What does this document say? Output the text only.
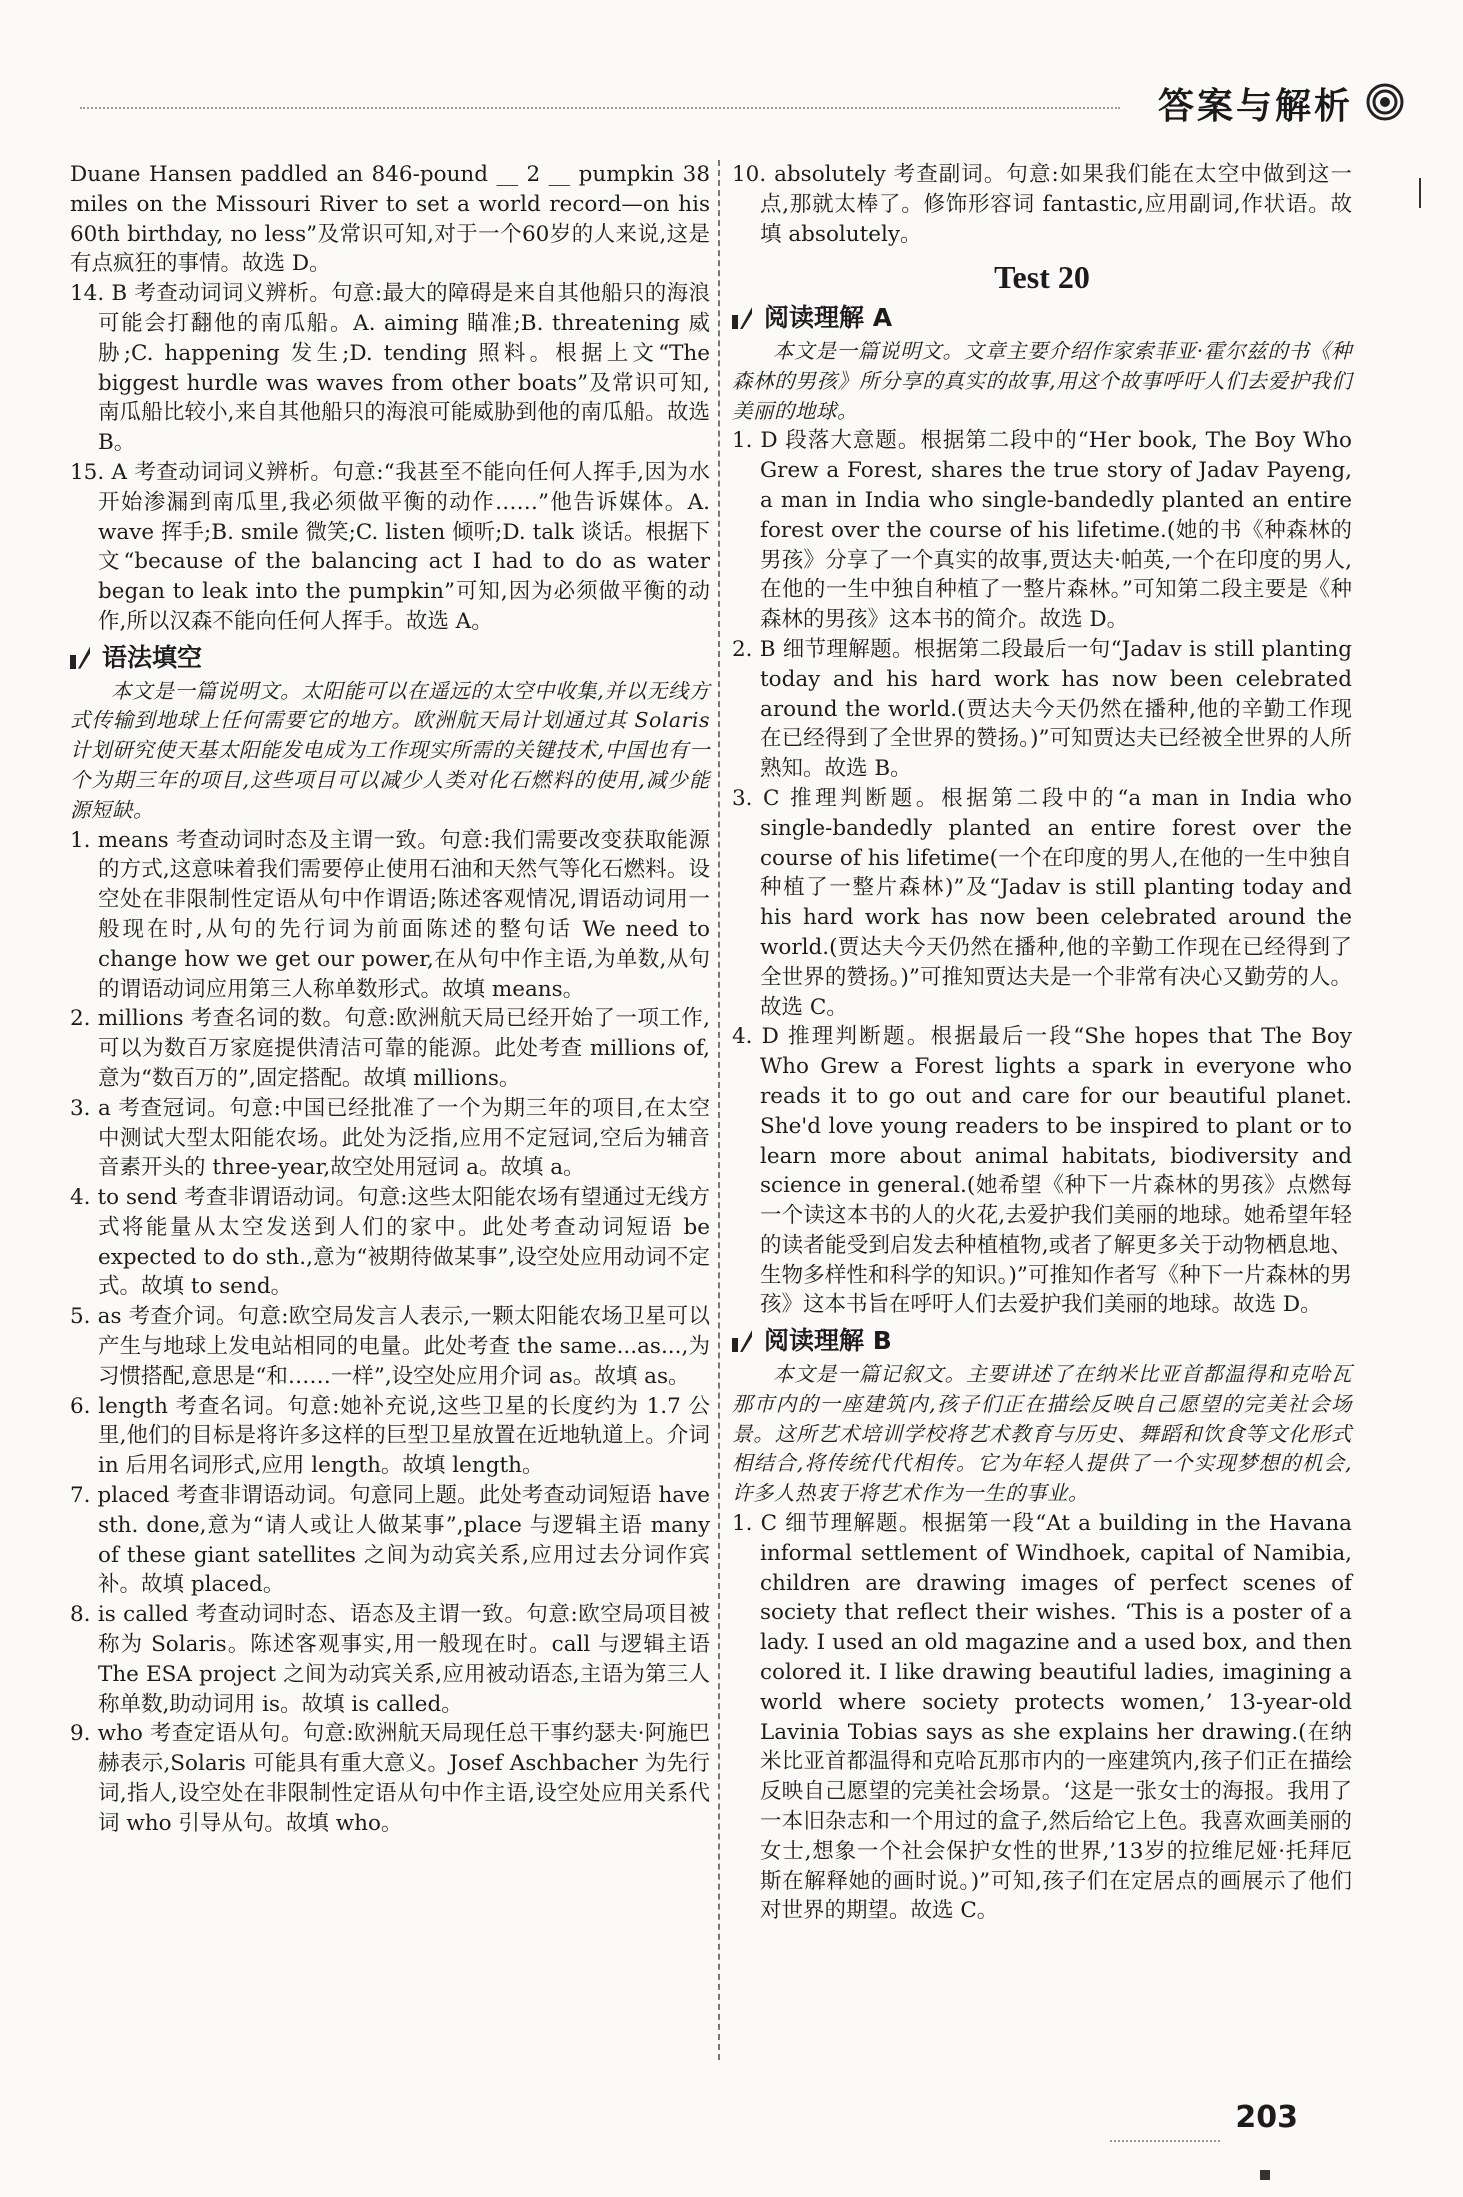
答案与解析

Duane Hansen paddled an 846-pound __ 2 __ pumpkin 38 miles on the Missouri River to set a world record—on his 60th birthday, no less”及常识可知,对于一个60岁的人来说,这是有点疯狂的事情。故选 D。

14. B 考查动词词义辨析。句意:最大的障碍是来自其他船只的海浪可能会打翻他的南瓜船。A. aiming 瞄准;B. threatening 威胁;C. happening 发生;D. tending 照料。根据上文“The biggest hurdle was waves from other boats”及常识可知,南瓜船比较小,来自其他船只的海浪可能威胁到他的南瓜船。故选 B。

15. A 考查动词词义辨析。句意:“我甚至不能向任何人挥手,因为水开始渗漏到南瓜里,我必须做平衡的动作……”他告诉媒体。A. wave 挥手;B. smile 微笑;C. listen 倾听;D. talk 谈话。根据下文“because of the balancing act I had to do as water began to leak into the pumpkin”可知,因为必须做平衡的动作,所以汉森不能向任何人挥手。故选 A。

语法填空

本文是一篇说明文。太阳能可以在遥远的太空中收集,并以无线方式传输到地球上任何需要它的地方。欧洲航天局计划通过其 Solaris 计划研究使天基太阳能发电成为工作现实所需的关键技术,中国也有一个为期三年的项目,这些项目可以减少人类对化石燃料的使用,减少能源短缺。

1. means 考查动词时态及主谓一致。句意:我们需要改变获取能源的方式,这意味着我们需要停止使用石油和天然气等化石燃料。设空处在非限制性定语从句中作谓语;陈述客观情况,谓语动词用一般现在时,从句的先行词为前面陈述的整句话 We need to change how we get our power,在从句中作主语,为单数,从句的谓语动词应用第三人称单数形式。故填 means。

2. millions 考查名词的数。句意:欧洲航天局已经开始了一项工作,可以为数百万家庭提供清洁可靠的能源。此处考查 millions of,意为“数百万的”,固定搭配。故填 millions。

3. a 考查冠词。句意:中国已经批准了一个为期三年的项目,在太空中测试大型太阳能农场。此处为泛指,应用不定冠词,空后为辅音音素开头的 three-year,故空处用冠词 a。故填 a。

4. to send 考查非谓语动词。句意:这些太阳能农场有望通过无线方式将能量从太空发送到人们的家中。此处考查动词短语 be expected to do sth.,意为“被期待做某事”,设空处应用动词不定式。故填 to send。

5. as 考查介词。句意:欧空局发言人表示,一颗太阳能农场卫星可以产生与地球上发电站相同的电量。此处考查 the same...as...,为习惯搭配,意思是“和……一样”,设空处应用介词 as。故填 as。

6. length 考查名词。句意:她补充说,这些卫星的长度约为 1.7 公里,他们的目标是将许多这样的巨型卫星放置在近地轨道上。介词 in 后用名词形式,应用 length。故填 length。

7. placed 考查非谓语动词。句意同上题。此处考查动词短语 have sth. done,意为“请人或让人做某事”,place 与逻辑主语 many of these giant satellites 之间为动宾关系,应用过去分词作宾补。故填 placed。

8. is called 考查动词时态、语态及主谓一致。句意:欧空局项目被称为 Solaris。陈述客观事实,用一般现在时。call 与逻辑主语 The ESA project 之间为动宾关系,应用被动语态,主语为第三人称单数,助动词用 is。故填 is called。

9. who 考查定语从句。句意:欧洲航天局现任总干事约瑟夫·阿施巴赫表示,Solaris 可能具有重大意义。Josef Aschbacher 为先行词,指人,设空处在非限制性定语从句中作主语,设空处应用关系代词 who 引导从句。故填 who。

10. absolutely 考查副词。句意:如果我们能在太空中做到这一点,那就太棒了。修饰形容词 fantastic,应用副词,作状语。故填 absolutely。

Test 20
阅读理解 A

本文是一篇说明文。文章主要介绍作家索菲亚·霍尔兹的书《种森林的男孩》所分享的真实的故事,用这个故事呼吁人们去爱护我们美丽的地球。

1. D 段落大意题。根据第二段中的“Her book, The Boy Who Grew a Forest, shares the true story of Jadav Payeng, a man in India who single-bandedly planted an entire forest over the course of his lifetime.(她的书《种森林的男孩》分享了一个真实的故事,贾达夫·帕英,一个在印度的男人,在他的一生中独自种植了一整片森林。”可知第二段主要是《种森林的男孩》这本书的简介。故选 D。

2. B 细节理解题。根据第二段最后一句“Jadav is still planting today and his hard work has now been celebrated around the world.(贾达夫今天仍然在播种,他的辛勤工作现在已经得到了全世界的赞扬。)”可知贾达夫已经被全世界的人所熟知。故选 B。

3. C 推理判断题。根据第二段中的“a man in India who single-bandedly planted an entire forest over the course of his lifetime(一个在印度的男人,在他的一生中独自种植了一整片森林)”及“Jadav is still planting today and his hard work has now been celebrated around the world.(贾达夫今天仍然在播种,他的辛勤工作现在已经得到了全世界的赞扬。)”可推知贾达夫是一个非常有决心又勤劳的人。故选 C。

4. D 推理判断题。根据最后一段“She hopes that The Boy Who Grew a Forest lights a spark in everyone who reads it to go out and care for our beautiful planet. She'd love young readers to be inspired to plant or to learn more about animal habitats, biodiversity and science in general.(她希望《种下一片森林的男孩》点燃每一个读这本书的人的火花,去爱护我们美丽的地球。她希望年轻的读者能受到启发去种植植物,或者了解更多关于动物栖息地、生物多样性和科学的知识。)”可推知作者写《种下一片森林的男孩》这本书旨在呼吁人们去爱护我们美丽的地球。故选 D。

阅读理解 B

本文是一篇记叙文。主要讲述了在纳米比亚首都温得和克哈瓦那市内的一座建筑内,孩子们正在描绘反映自己愿望的完美社会场景。这所艺术培训学校将艺术教育与历史、舞蹈和饮食等文化形式相结合,将传统代代相传。它为年轻人提供了一个实现梦想的机会,许多人热衷于将艺术作为一生的事业。

1. C 细节理解题。根据第一段“At a building in the Havana informal settlement of Windhoek, capital of Namibia, children are drawing images of perfect scenes of society that reflect their wishes. ‘This is a poster of a lady. I used an old magazine and a used box, and then colored it. I like drawing beautiful ladies, imagining a world where society protects women,’ 13-year-old Lavinia Tobias says as she explains her drawing.(在纳米比亚首都温得和克哈瓦那市内的一座建筑内,孩子们正在描绘反映自己愿望的完美社会场景。‘这是一张女士的海报。我用了一本旧杂志和一个用过的盒子,然后给它上色。我喜欢画美丽的女士,想象一个社会保护女性的世界,’13岁的拉维尼娅·托拜厄斯在解释她的画时说。)”可知,孩子们在定居点的画展示了他们对世界的期望。故选 C。

203
